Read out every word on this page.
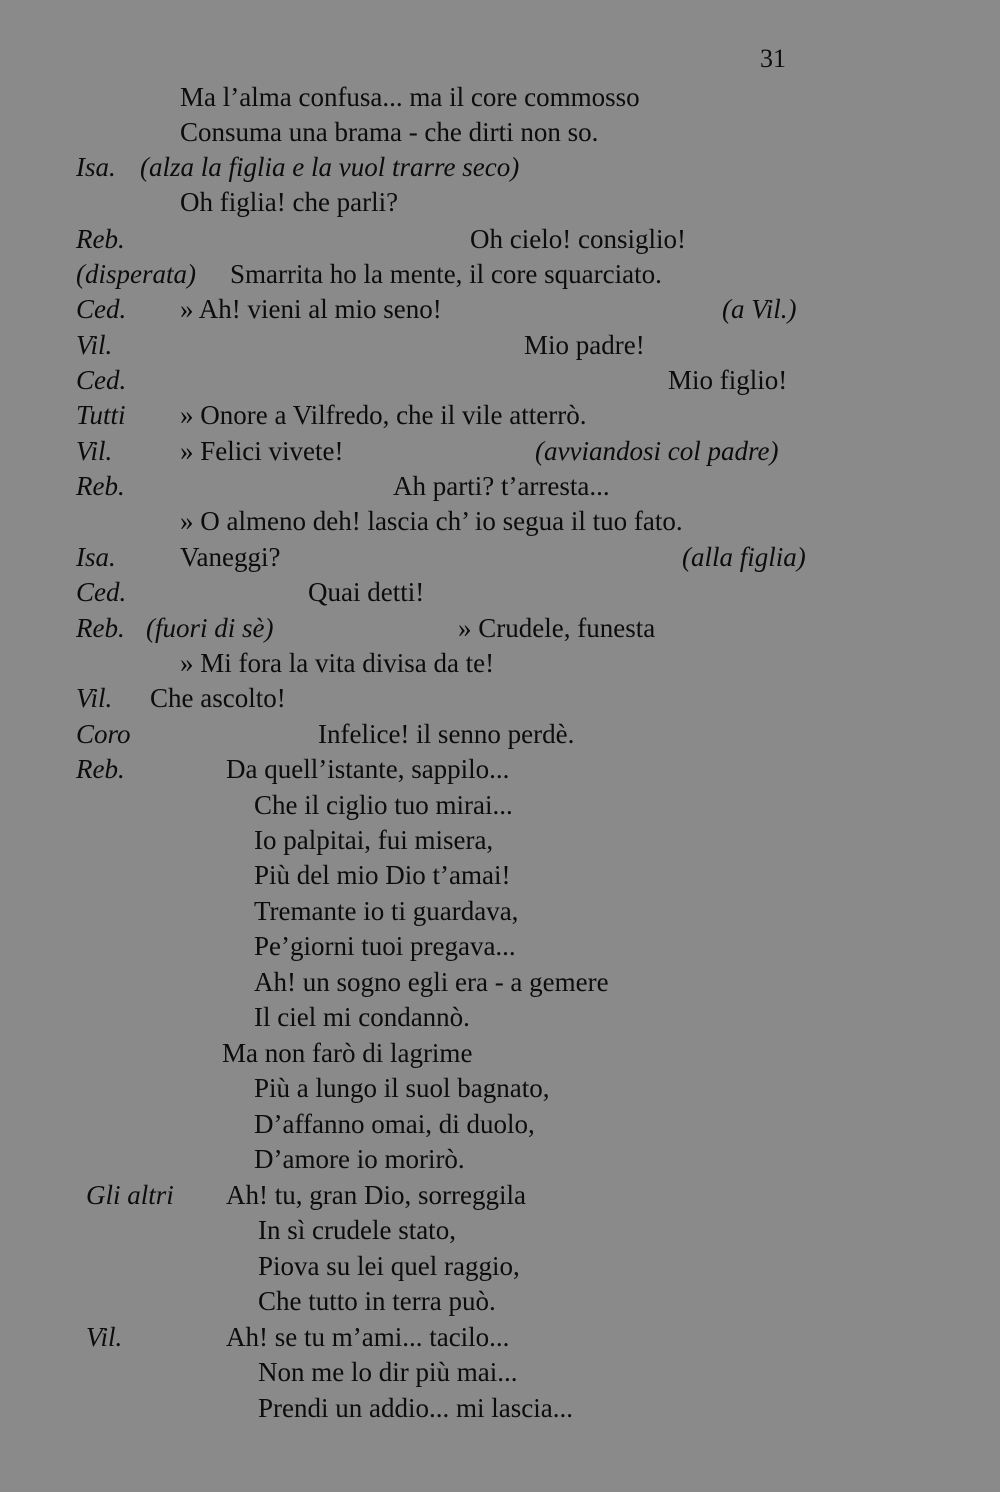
31
Ma l’alma confusa... ma il core commosso
Consuma una brama - che dirti non so.
Isa. (alza la figlia e la vuol trarre seco)
Oh figlia! che parli?
Reb.	Oh cielo! consiglio!
(disperata) Smarrita ho la mente, il core squarciato.
Ced. » Ah! vieni al mio seno!	(a Vil.)
Vil.	Mio padre!
Ced.	Mio figlio!
Tutti » Onore a Vilfredo, che il vile atterrò.
Vil.	» Felici vivete!	(avviandosi col padre)
Reb.	Ah parti? t’arresta...
» O almeno deh! lascia ch’ io segua il tuo fato.
Isa. Vaneggi?	(alla figlia)
Ced.	Quai detti!
Reb. (fuori di sè)	» Crudele, funesta
» Mi fora la vita divisa da te!
Vil. Che ascolto!
Coro	Infelice! il senno perdè.
Reb.	Da quell’istante, sappilo...
Che il ciglio tuo mirai...
Io palpitai, fui misera,
Più del mio Dio t’amai!
Tremante io ti guardava,
Pe’giorni tuoi pregava...
Ah! un sogno egli era - a gemere
Il ciel mi condannò.
Ma non farò di lagrime
Più a lungo il suol bagnato,
D’affanno omai, di duolo,
D’amore io morirò.
Gli altri Ah! tu, gran Dio, sorreggila
In sì crudele stato,
Piova su lei quel raggio,
Che tutto in terra può.
Vil.	Ah! se tu m’ami... tacilo...
Non me lo dir più mai...
Prendi un addio... mi lascia...
